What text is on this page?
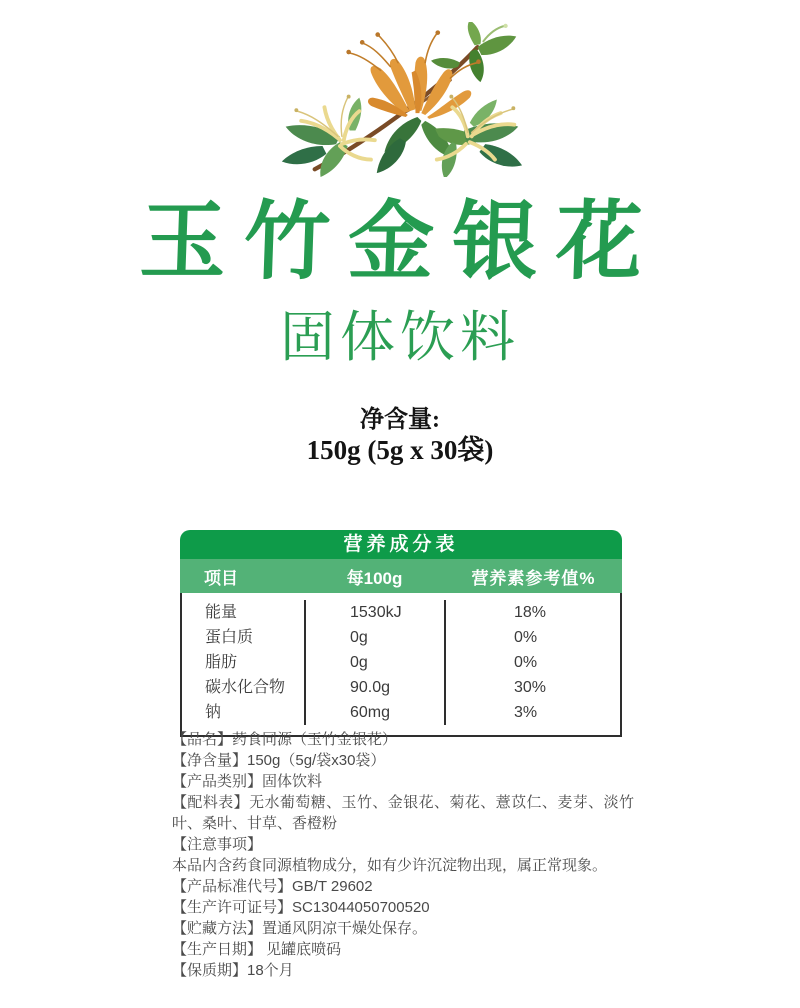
玉竹金银花
固体饮料
净含量:
150g (5g x 30袋)
营养成分表
项目	每100g	营养素参考值%
能量
蛋白质
脂肪
碳水化合物
钠
1530kJ
0g
0g
90.0g
60mg
18%
0%
0%
30%
3%
【品名】药食同源（玉竹金银花）
【净含量】150g（5g/袋x30袋）
【产品类别】固体饮料
【配料表】无水葡萄糖、玉竹、金银花、菊花、薏苡仁、麦芽、淡竹叶、桑叶、甘草、香橙粉
【注意事项】
本品内含药食同源植物成分，如有少许沉淀物出现，属正常现象。
【产品标准代号】GB/T 29602
【生产许可证号】SC13044050700520
【贮藏方法】置通风阴凉干燥处保存。
【生产日期】 见罐底喷码
【保质期】18个月
